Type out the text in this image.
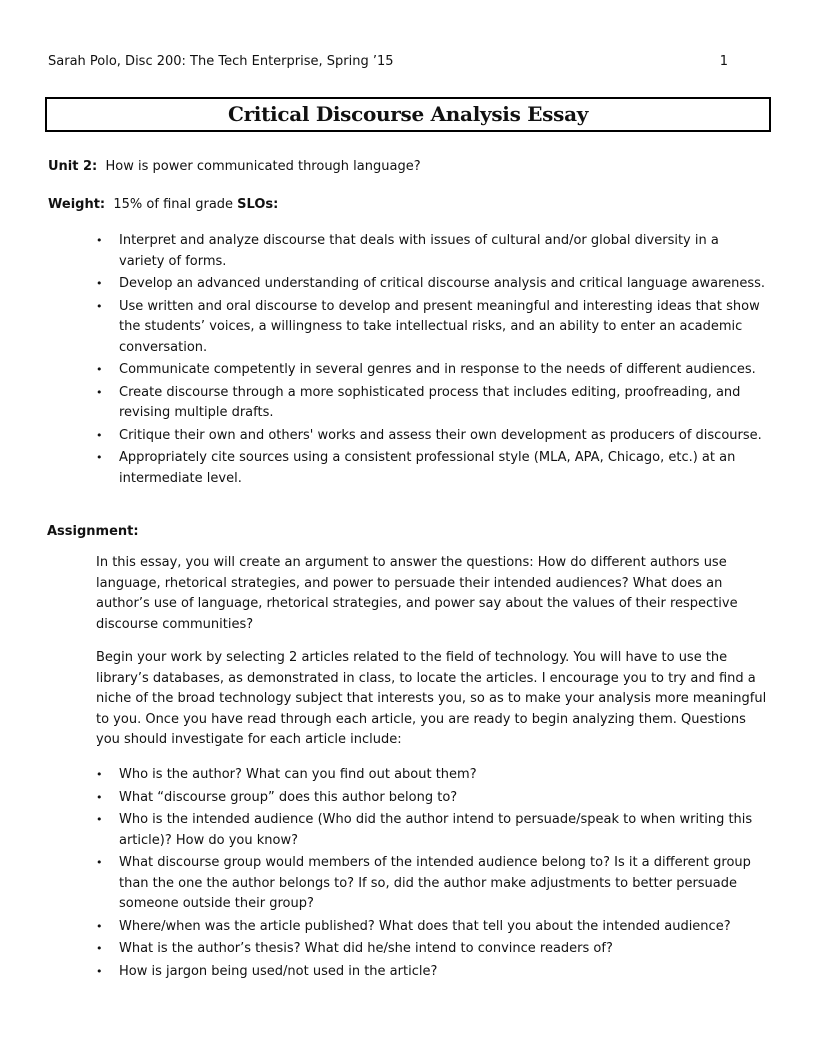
Sarah Polo, Disc 200: The Tech Enterprise, Spring ’15	1
Critical Discourse Analysis Essay
Unit 2: How is power communicated through language?
Weight: 15% of final grade SLOs:
• Interpret and analyze discourse that deals with issues of cultural and/or global diversity in a variety of forms.
• Develop an advanced understanding of critical discourse analysis and critical language awareness.
• Use written and oral discourse to develop and present meaningful and interesting ideas that show the students’ voices, a willingness to take intellectual risks, and an ability to enter an academic conversation.
• Communicate competently in several genres and in response to the needs of different audiences.
• Create discourse through a more sophisticated process that includes editing, proofreading, and revising multiple drafts.
• Critique their own and others' works and assess their own development as producers of discourse.
• Appropriately cite sources using a consistent professional style (MLA, APA, Chicago, etc.) at an intermediate level.
Assignment:

In this essay, you will create an argument to answer the questions: How do different authors use language, rhetorical strategies, and power to persuade their intended audiences? What does an author’s use of language, rhetorical strategies, and power say about the values of their respective discourse communities?

Begin your work by selecting 2 articles related to the field of technology. You will have to use the library’s databases, as demonstrated in class, to locate the articles. I encourage you to try and find a niche of the broad technology subject that interests you, so as to make your analysis more meaningful to you. Once you have read through each article, you are ready to begin analyzing them. Questions you should investigate for each article include:

• Who is the author? What can you find out about them?
• What “discourse group” does this author belong to?
• Who is the intended audience (Who did the author intend to persuade/speak to when writing this article)? How do you know?
• What discourse group would members of the intended audience belong to? Is it a different group than the one the author belongs to? If so, did the author make adjustments to better persuade someone outside their group?
• Where/when was the article published? What does that tell you about the intended audience?
• What is the author’s thesis? What did he/she intend to convince readers of?
• How is jargon being used/not used in the article?
